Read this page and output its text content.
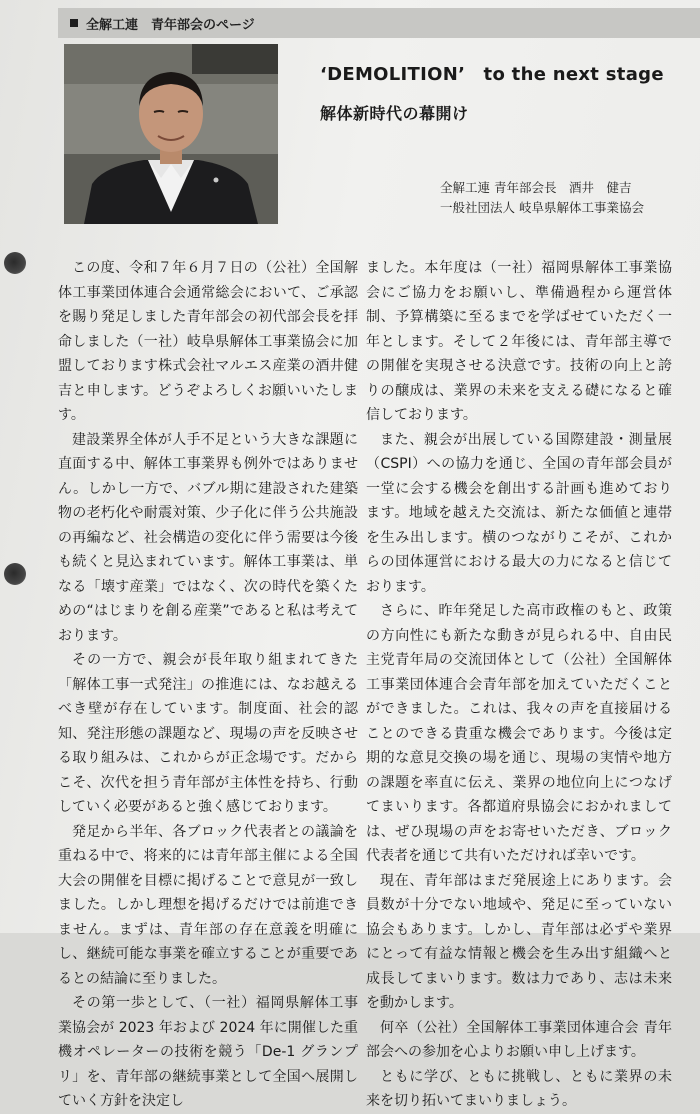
全解工連　青年部会のページ
‘DEMOLITION’　to the next stage
解体新時代の幕開け
全解工連 青年部会長　酒井　健吉
一般社団法人 岐阜県解体工事業協会

この度、令和７年６月７日の（公社）全国解体工事業団体連合会通常総会において、ご承認を賜り発足しました青年部会の初代部会長を拝命しました（一社）岐阜県解体工事業協会に加盟しております株式会社マルエス産業の酒井健吉と申します。どうぞよろしくお願いいたします。

建設業界全体が人手不足という大きな課題に直面する中、解体工事業界も例外ではありません。しかし一方で、バブル期に建設された建築物の老朽化や耐震対策、少子化に伴う公共施設の再編など、社会構造の変化に伴う需要は今後も続くと見込まれています。解体工事業は、単なる「壊す産業」ではなく、次の時代を築くための“はじまりを創る産業”であると私は考えております。

その一方で、親会が長年取り組まれてきた「解体工事一式発注」の推進には、なお越えるべき壁が存在しています。制度面、社会的認知、発注形態の課題など、現場の声を反映させる取り組みは、これからが正念場です。だからこそ、次代を担う青年部が主体性を持ち、行動していく必要があると強く感じております。

発足から半年、各ブロック代表者との議論を重ねる中で、将来的には青年部主催による全国大会の開催を目標に掲げることで意見が一致しました。しかし理想を掲げるだけでは前進できません。まずは、青年部の存在意義を明確にし、継続可能な事業を確立することが重要であるとの結論に至りました。

その第一歩として、（一社）福岡県解体工事業協会が 2023 年および 2024 年に開催した重機オペレーターの技術を競う「De-1 グランプリ」を、青年部の継続事業として全国へ展開していく方針を決定し

ました。本年度は（一社）福岡県解体工事業協会にご協力をお願いし、準備過程から運営体制、予算構築に至るまでを学ばせていただく一年とします。そして２年後には、青年部主導での開催を実現させる決意です。技術の向上と誇りの醸成は、業界の未来を支える礎になると確信しております。

また、親会が出展している国際建設・測量展（CSPI）への協力を通じ、全国の青年部会員が一堂に会する機会を創出する計画も進めております。地域を越えた交流は、新たな価値と連帯を生み出します。横のつながりこそが、これからの団体運営における最大の力になると信じております。

さらに、昨年発足した高市政権のもと、政策の方向性にも新たな動きが見られる中、自由民主党青年局の交流団体として（公社）全国解体工事業団体連合会青年部を加えていただくことができました。これは、我々の声を直接届けることのできる貴重な機会であります。今後は定期的な意見交換の場を通じ、現場の実情や地方の課題を率直に伝え、業界の地位向上につなげてまいります。各都道府県協会におかれましては、ぜひ現場の声をお寄せいただき、ブロック代表者を通じて共有いただければ幸いです。

現在、青年部はまだ発展途上にあります。会員数が十分でない地域や、発足に至っていない協会もあります。しかし、青年部は必ずや業界にとって有益な情報と機会を生み出す組織へと成長してまいります。数は力であり、志は未来を動かします。

何卒（公社）全国解体工事業団体連合会 青年部会への参加を心よりお願い申し上げます。

ともに学び、ともに挑戦し、ともに業界の未来を切り拓いてまいりましょう。
